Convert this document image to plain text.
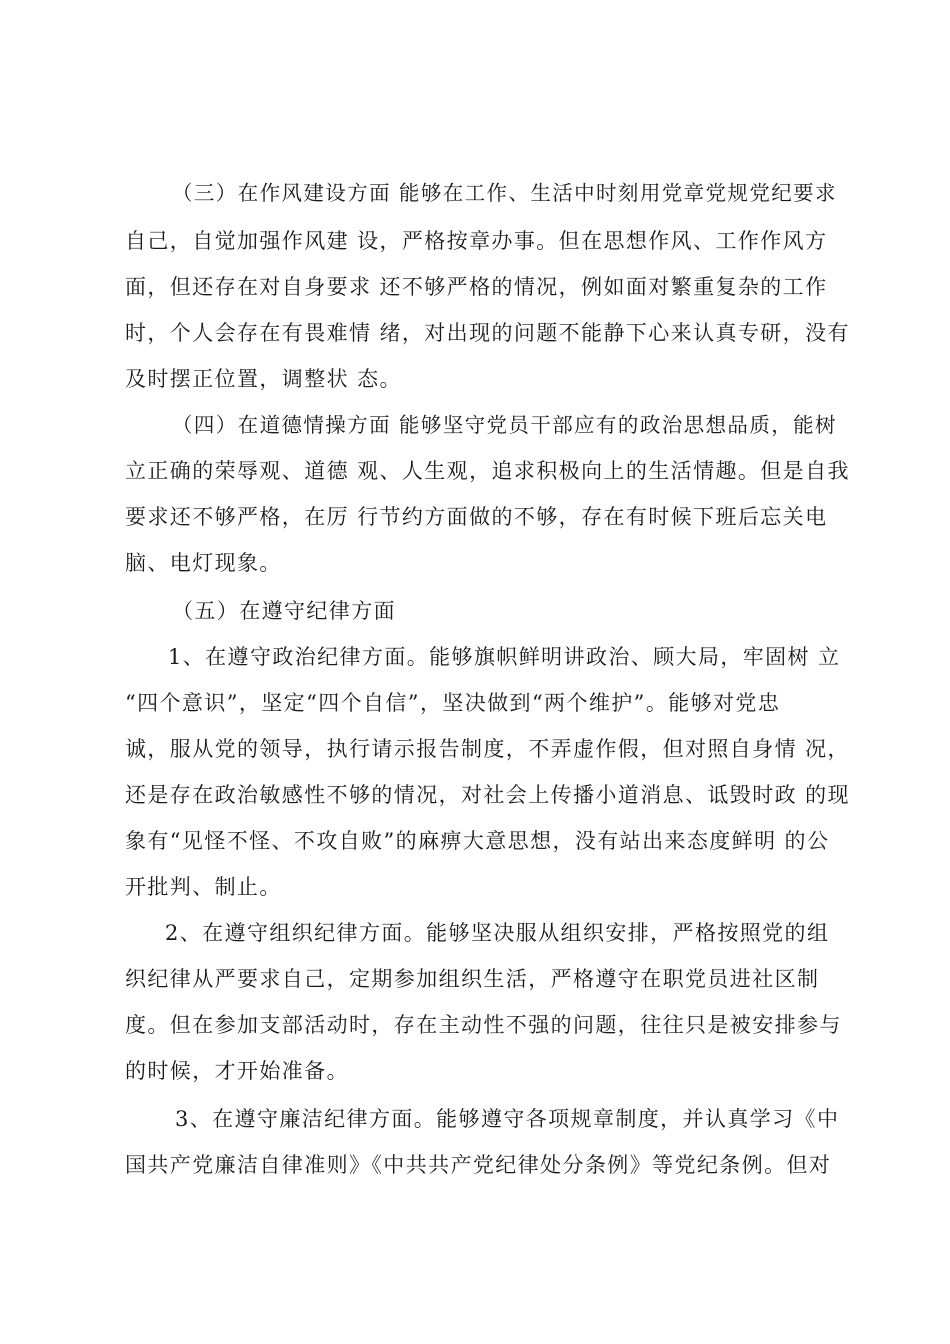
（三）在作风建设方面 能够在工作、生活中时刻用党章党规党纪要求

自己，自觉加强作风建 设，严格按章办事。但在思想作风、工作作风方

面，但还存在对自身要求 还不够严格的情况，例如面对繁重复杂的工作

时，个人会存在有畏难情 绪，对出现的问题不能静下心来认真专研，没有

及时摆正位置，调整状 态。

（四）在道德情操方面 能够坚守党员干部应有的政治思想品质，能树

立正确的荣辱观、道德 观、人生观，追求积极向上的生活情趣。但是自我

要求还不够严格，在厉 行节约方面做的不够，存在有时候下班后忘关电

脑、电灯现象。

（五）在遵守纪律方面

1、在遵守政治纪律方面。能够旗帜鲜明讲政治、顾大局，牢固树 立

“四个意识”，坚定“四个自信”，坚决做到“两个维护”。能够对党忠

诚，服从党的领导，执行请示报告制度，不弄虚作假，但对照自身情 况，

还是存在政治敏感性不够的情况，对社会上传播小道消息、诋毁时政 的现

象有“见怪不怪、不攻自败”的麻痹大意思想，没有站出来态度鲜明 的公

开批判、制止。

2、在遵守组织纪律方面。能够坚决服从组织安排，严格按照党的组

织纪律从严要求自己，定期参加组织生活，严格遵守在职党员进社区制

度。但在参加支部活动时，存在主动性不强的问题，往往只是被安排参与

的时候，才开始准备。

3、在遵守廉洁纪律方面。能够遵守各项规章制度，并认真学习《中

国共产党廉洁自律准则》《中共共产党纪律处分条例》等党纪条例。但对
